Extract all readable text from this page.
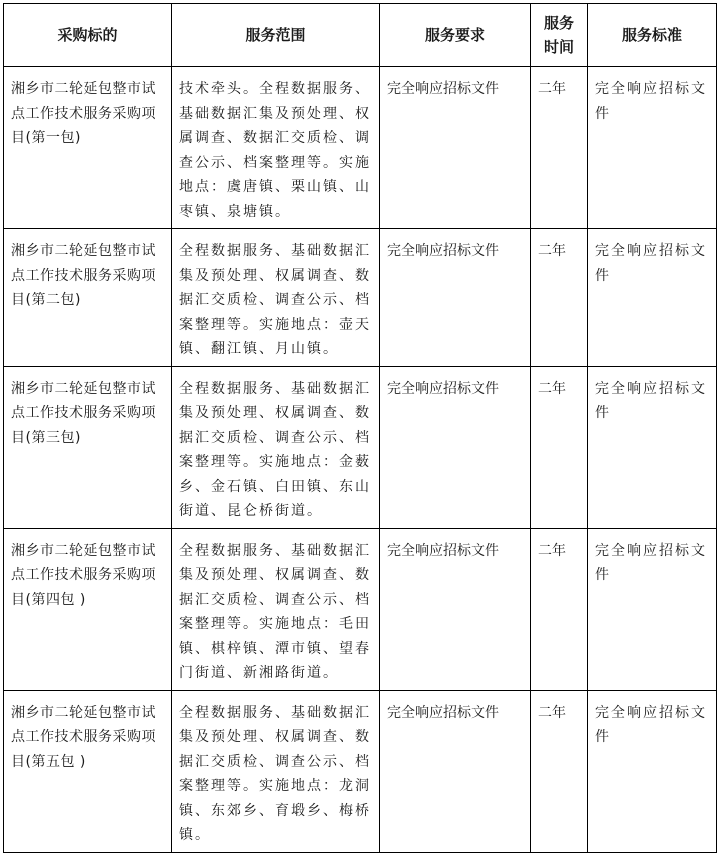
采购标的	服务范围	服务要求	服务时间	服务标准

湘乡市二轮延包整市试点工作技术服务采购项目(第一包)	技术牵头。全程数据服务、基础数据汇集及预处理、权属调查、数据汇交质检、调查公示、档案整理等。实施地点：虞唐镇、栗山镇、山枣镇、泉塘镇。	完全响应招标文件	二年	完全响应招标文件

湘乡市二轮延包整市试点工作技术服务采购项目(第二包)	全程数据服务、基础数据汇集及预处理、权属调查、数据汇交质检、调查公示、档案整理等。实施地点：壶天镇、翻江镇、月山镇。	完全响应招标文件	二年	完全响应招标文件

湘乡市二轮延包整市试点工作技术服务采购项目(第三包)	全程数据服务、基础数据汇集及预处理、权属调查、数据汇交质检、调查公示、档案整理等。实施地点：金薮乡、金石镇、白田镇、东山街道、昆仑桥街道。	完全响应招标文件	二年	完全响应招标文件

湘乡市二轮延包整市试点工作技术服务采购项目(第四包 )	全程数据服务、基础数据汇集及预处理、权属调查、数据汇交质检、调查公示、档案整理等。实施地点：毛田镇、棋梓镇、潭市镇、望春门街道、新湘路街道。	完全响应招标文件	二年	完全响应招标文件

湘乡市二轮延包整市试点工作技术服务采购项目(第五包 )	全程数据服务、基础数据汇集及预处理、权属调查、数据汇交质检、调查公示、档案整理等。实施地点：龙洞镇、东郊乡、育塅乡、梅桥镇。	完全响应招标文件	二年	完全响应招标文件
